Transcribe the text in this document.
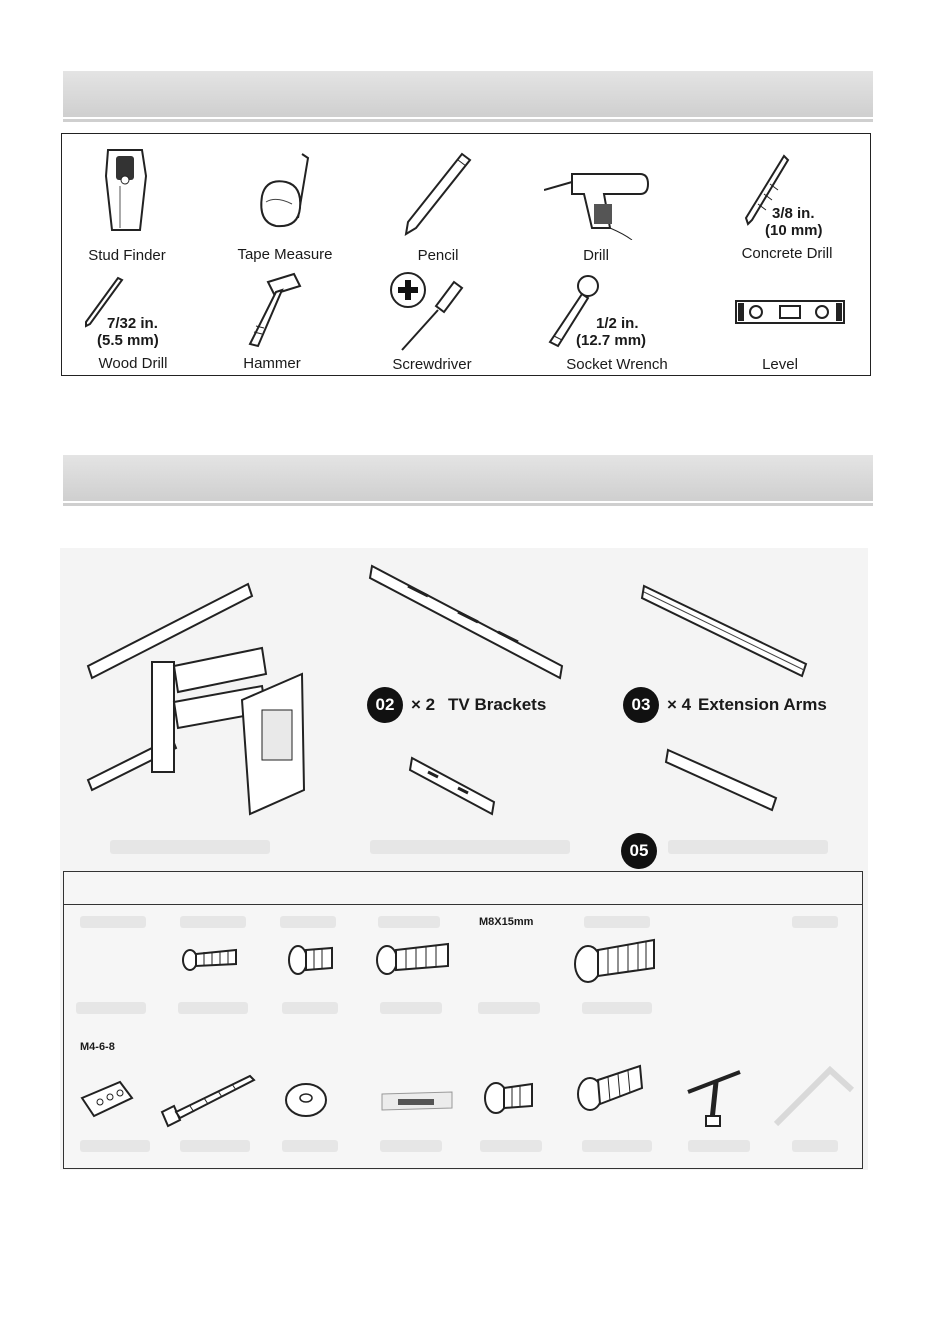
Stud Finder	Tape Measure	Pencil	Drill
3/8 in.
(10 mm)
Concrete Drill
7/32 in.
(5.5 mm)
Wood Drill	Hammer	Screwdriver
1/2 in.
(12.7 mm)
Socket Wrench	Level
02 × 2 TV Brackets	03 × 4 Extension Arms
05
M8X15mm
M4-6-8
